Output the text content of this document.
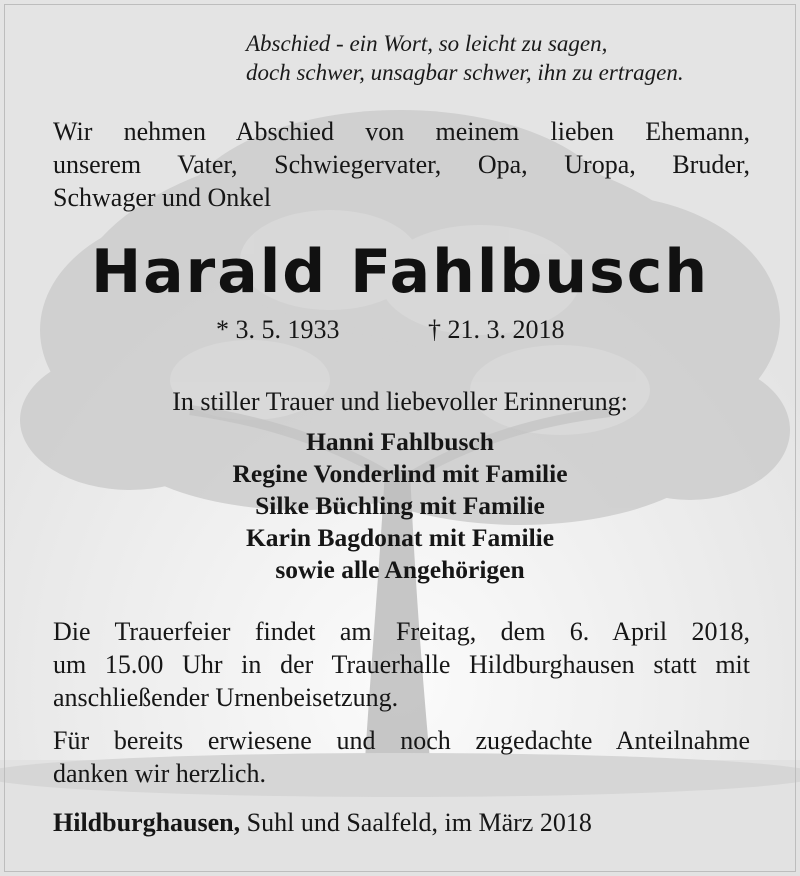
Abschied - ein Wort, so leicht zu sagen,
doch schwer, unsagbar schwer, ihn zu ertragen.

Wir nehmen Abschied von meinem lieben Ehemann,
unserem Vater, Schwiegervater, Opa, Uropa, Bruder,
Schwager und Onkel

Harald Fahlbusch

* 3. 5. 1933	† 21. 3. 2018

In stiller Trauer und liebevoller Erinnerung:

Hanni Fahlbusch
Regine Vonderlind mit Familie
Silke Büchling mit Familie
Karin Bagdonat mit Familie
sowie alle Angehörigen

Die Trauerfeier findet am Freitag, dem 6. April 2018,
um 15.00 Uhr in der Trauerhalle Hildburghausen statt mit
anschließender Urnenbeisetzung.

Für bereits erwiesene und noch zugedachte Anteilnahme
danken wir herzlich.

Hildburghausen, Suhl und Saalfeld, im März 2018
